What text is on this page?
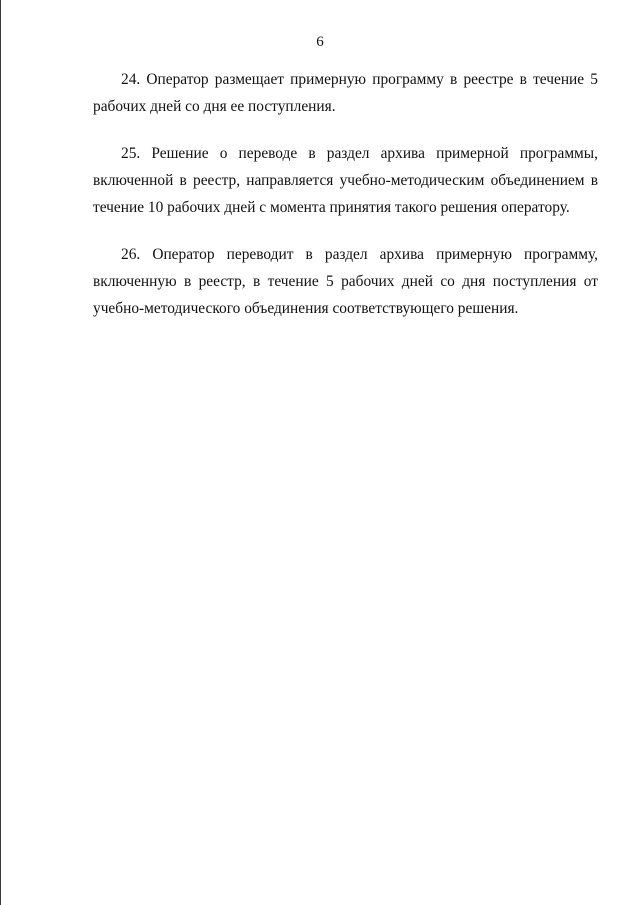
6

24. Оператор размещает примерную программу в реестре в течение 5 рабочих дней со дня ее поступления.

25. Решение о переводе в раздел архива примерной программы, включенной в реестр, направляется учебно-методическим объединением в течение 10 рабочих дней с момента принятия такого решения оператору.

26. Оператор переводит в раздел архива примерную программу, включенную в реестр, в течение 5 рабочих дней со дня поступления от учебно-методического объединения соответствующего решения.
